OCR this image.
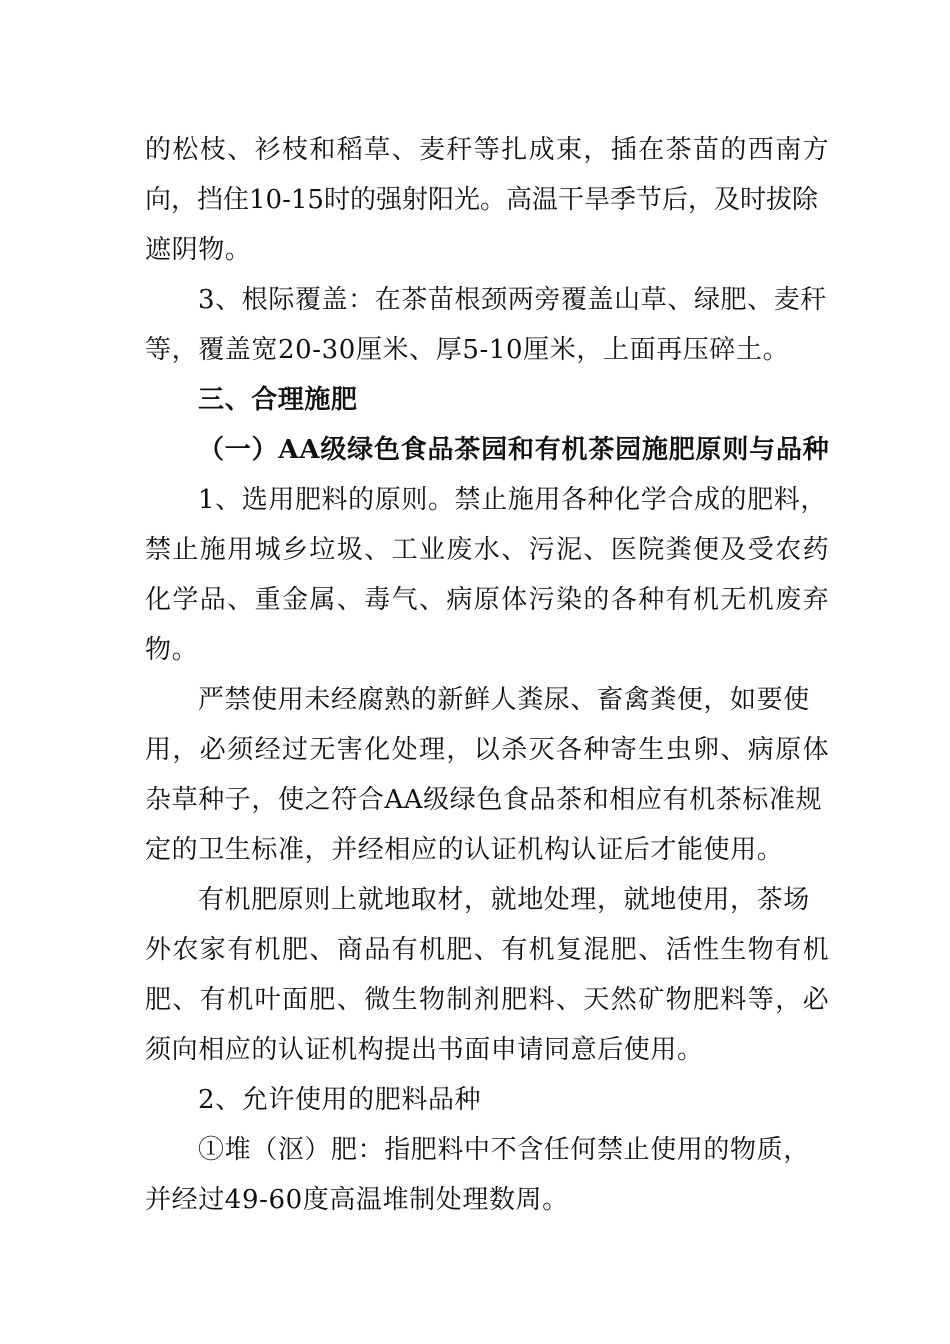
的松枝、衫枝和稻草、麦秆等扎成束，插在茶苗的西南方
向，挡住10-15时的强射阳光。高温干旱季节后，及时拔除
遮阴物。
3、根际覆盖：在茶苗根颈两旁覆盖山草、绿肥、麦秆
等，覆盖宽20-30厘米、厚5-10厘米，上面再压碎土。
三、合理施肥
（一）AA级绿色食品茶园和有机茶园施肥原则与品种
1、选用肥料的原则。禁止施用各种化学合成的肥料，
禁止施用城乡垃圾、工业废水、污泥、医院粪便及受农药
化学品、重金属、毒气、病原体污染的各种有机无机废弃
物。
严禁使用未经腐熟的新鲜人粪尿、畜禽粪便，如要使
用，必须经过无害化处理，以杀灭各种寄生虫卵、病原体
杂草种子，使之符合AA级绿色食品茶和相应有机茶标准规
定的卫生标准，并经相应的认证机构认证后才能使用。
有机肥原则上就地取材，就地处理，就地使用，茶场
外农家有机肥、商品有机肥、有机复混肥、活性生物有机
肥、有机叶面肥、微生物制剂肥料、天然矿物肥料等，必
须向相应的认证机构提出书面申请同意后使用。
2、允许使用的肥料品种
①堆（沤）肥：指肥料中不含任何禁止使用的物质，
并经过49-60度高温堆制处理数周。
